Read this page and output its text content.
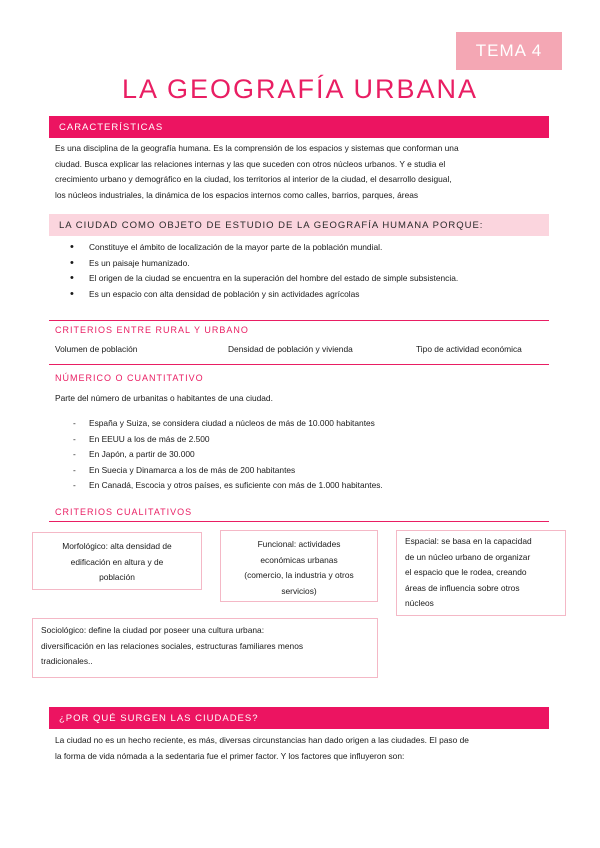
TEMA 4
LA GEOGRAFÍA URBANA
CARACTERÍSTICAS
Es una disciplina de la geografía humana. Es la comprensión de los espacios y sistemas que conforman una
ciudad. Busca explicar las relaciones internas y las que suceden con otros núcleos urbanos. Y e studia el
crecimiento urbano y demográfico en la ciudad, los territorios al interior de la ciudad, el desarrollo desigual,
los núcleos industriales, la dinámica de los espacios internos como calles, barrios, parques, áreas
LA CIUDAD COMO OBJETO DE ESTUDIO DE LA GEOGRAFÍA HUMANA PORQUE:
• Constituye el ámbito de localización de la mayor parte de la población mundial.
• Es un paisaje humanizado.
• El origen de la ciudad se encuentra en la superación del hombre del estado de simple subsistencia.
• Es un espacio con alta densidad de población y sin actividades agrícolas
CRITERIOS ENTRE RURAL Y URBANO
Volumen de población	Densidad de población y vivienda	Tipo de actividad económica
NÚMERICO O CUANTITATIVO
Parte del número de urbanitas o habitantes de una ciudad.
- España y Suiza, se considera ciudad a núcleos de más de 10.000 habitantes
- En EEUU a los de más de 2.500
- En Japón, a partir de 30.000
- En Suecia y Dinamarca a los de más de 200 habitantes
- En Canadá, Escocia y otros países, es suficiente con más de 1.000 habitantes.
CRITERIOS CUALITATIVOS
Morfológico: alta densidad de
edificación en altura y de
población
Funcional: actividades
económicas urbanas
(comercio, la industria y otros
servicios)
Espacial: se basa en la capacidad
de un núcleo urbano de organizar
el espacio que le rodea, creando
áreas de influencia sobre otros
núcleos
Sociológico: define la ciudad por poseer una cultura urbana:
diversificación en las relaciones sociales, estructuras familiares menos
tradicionales..
¿POR QUÉ SURGEN LAS CIUDADES?
La ciudad no es un hecho reciente, es más, diversas circunstancias han dado origen a las ciudades. El paso de
la forma de vida nómada a la sedentaria fue el primer factor. Y los factores que influyeron son:
